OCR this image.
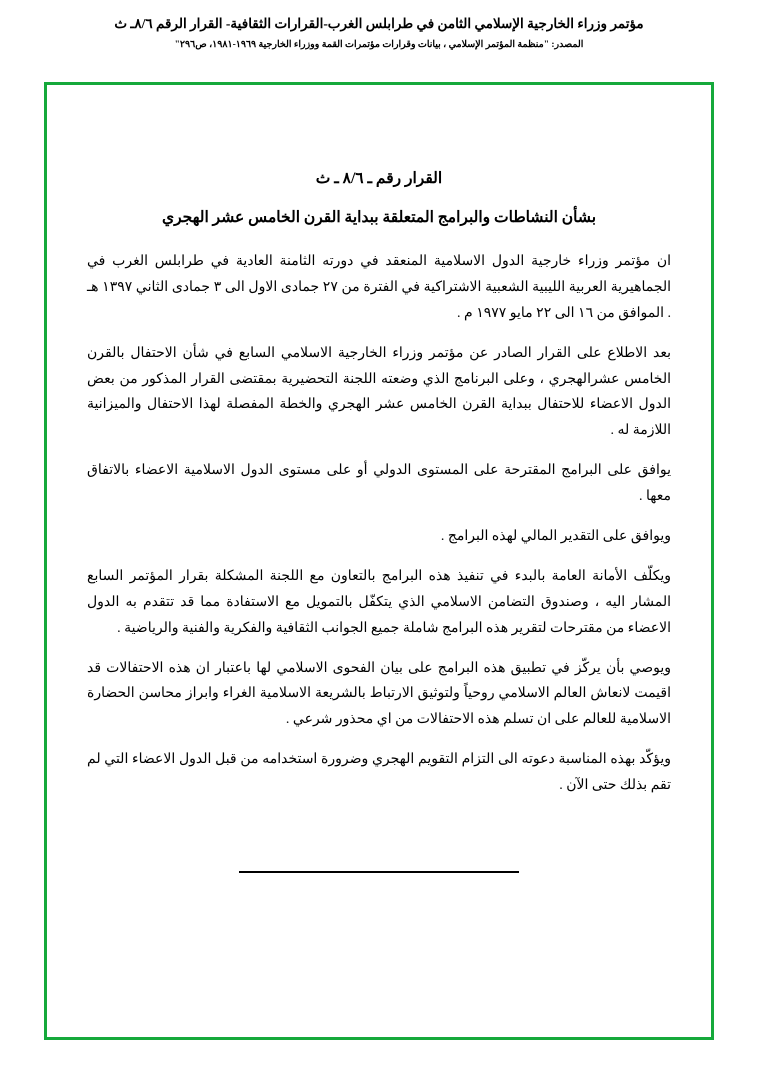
مؤتمر وزراء الخارجية الإسلامي الثامن في طرابلس الغرب-القرارات الثقافية- القرار الرقم ٨/٦ـ ث
المصدر: "منظمة المؤتمر الإسلامي ، بيانات وقرارات مؤتمرات القمة ووزراء الخارجية ١٩٦٩-١٩٨١، ص٢٩٦"
القرار رقم ـ ٨/٦ ـ ث
بشأن النشاطات والبرامج المتعلقة ببداية القرن الخامس عشر الهجري

ان مؤتمر وزراء خارجية الدول الاسلامية المنعقد في دورته الثامنة العادية في طرابلس الغرب في الجماهيرية العربية الليبية الشعبية الاشتراكية في الفترة من ٢٧ جمادى الاول الى ٣ جمادى الثاني ١٣٩٧ هـ . الموافق من ١٦ الى ٢٢ مايو ١٩٧٧ م .

بعد الاطلاع على القرار الصادر عن مؤتمر وزراء الخارجية الاسلامي السابع في شأن الاحتفال بالقرن الخامس عشرالهجري ، وعلى البرنامج الذي وضعته اللجنة التحضيرية بمقتضى القرار المذكور من بعض الدول الاعضاء للاحتفال ببداية القرن الخامس عشر الهجري والخطة المفصلة لهذا الاحتفال والميزانية اللازمة له .

يوافق على البرامج المقترحة على المستوى الدولي أو على مستوى الدول الاسلامية الاعضاء بالاتفاق معها .

ويوافق على التقدير المالي لهذه البرامج .

ويكلّف الأمانة العامة بالبدء في تنفيذ هذه البرامج بالتعاون مع اللجنة المشكلة بقرار المؤتمر السابع المشار اليه ، وصندوق التضامن الاسلامي الذي يتكفّل بالتمويل مع الاستفادة مما قد تتقدم به الدول الاعضاء من مقترحات لتقرير هذه البرامج شاملة جميع الجوانب الثقافية والفكرية والفنية والرياضية .

ويوصي بأن يركّز في تطبيق هذه البرامج على بيان الفحوى الاسلامي لها باعتبار ان هذه الاحتفالات قد اقيمت لانعاش العالم الاسلامي روحياً ولتوثيق الارتباط بالشريعة الاسلامية الغراء وابراز محاسن الحضارة الاسلامية للعالم على ان تسلم هذه الاحتفالات من اي محذور شرعي .

ويؤكّد بهذه المناسبة دعوته الى التزام التقويم الهجري وضرورة استخدامه من قبل الدول الاعضاء التي لم تقم بذلك حتى الآن .
